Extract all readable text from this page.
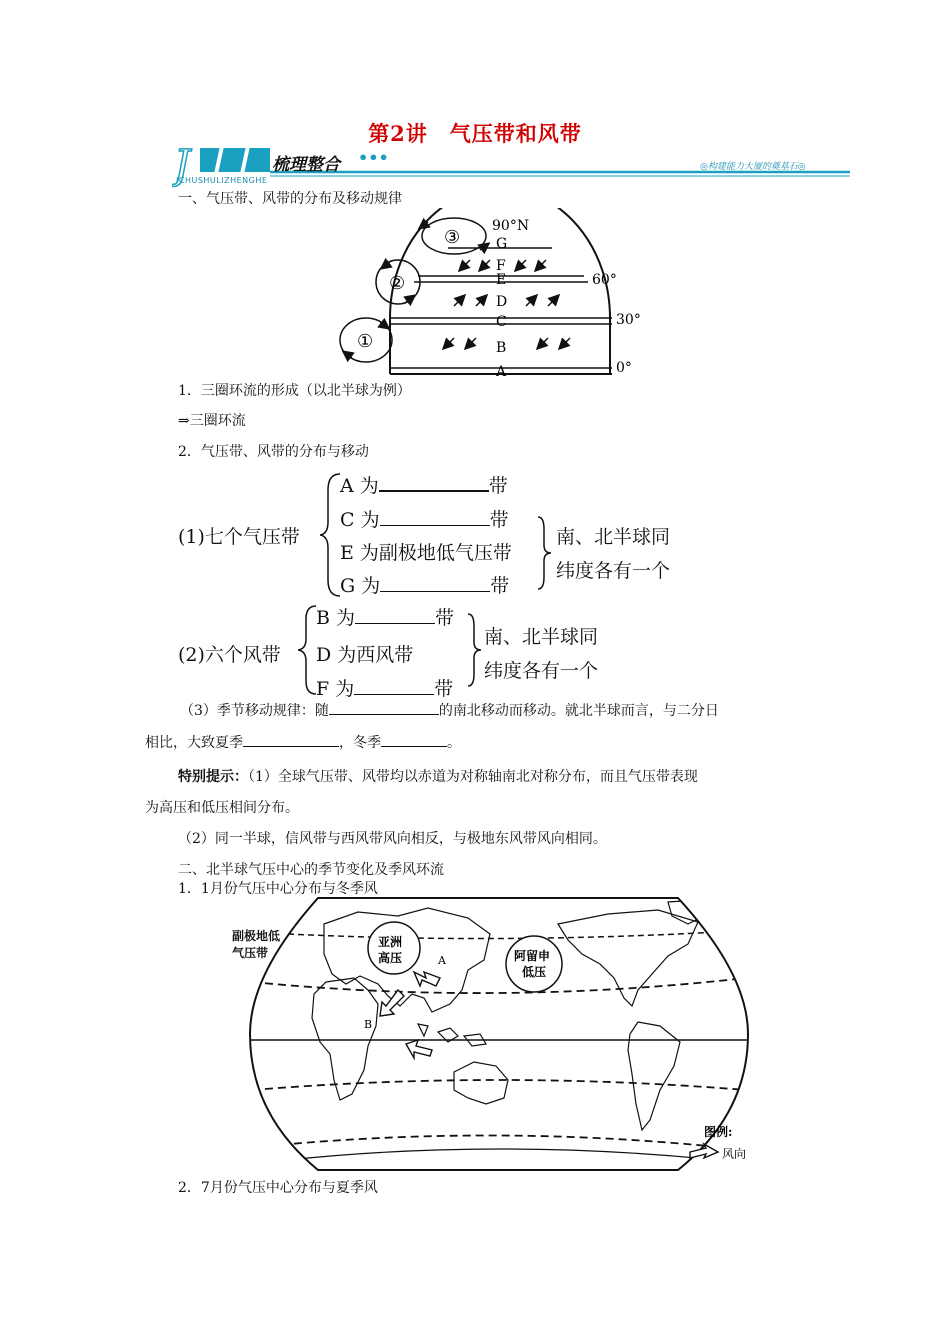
第2讲　气压带和风带
J	梳理整合 •••
ICHUSHULIZHENGHE
◎构建能力大厦的奠基石◎
一、气压带、风带的分布及移动规律
A
B
C
D
E
F
G
0°
30°
60°
90°N
①
②
③
1．三圈环流的形成（以北半球为例）
⇒三圈环流
2．气压带、风带的分布与移动
(1)七个气压带
A 为	带
C 为	带
E 为副极地低气压带
G 为	带
南、北半球同
纬度各有一个
(2)六个风带
B 为	带
D 为西风带
F 为	带
南、北半球同
纬度各有一个
（3）季节移动规律：随	的南北移动而移动。就北半球而言，与二分日
相比，大致夏季	，冬季	。
特别提示：（1）全球气压带、风带均以赤道为对称轴南北对称分布，而且气压带表现
为高压和低压相间分布。
（2）同一半球，信风带与西风带风向相反，与极地东风带风向相同。
二、北半球气压中心的季节变化及季风环流
1．1月份气压中心分布与冬季风
亚洲
高压	阿留申
低压
A
B
图例:
风向
副极地低
气压带
2．7月份气压中心分布与夏季风
